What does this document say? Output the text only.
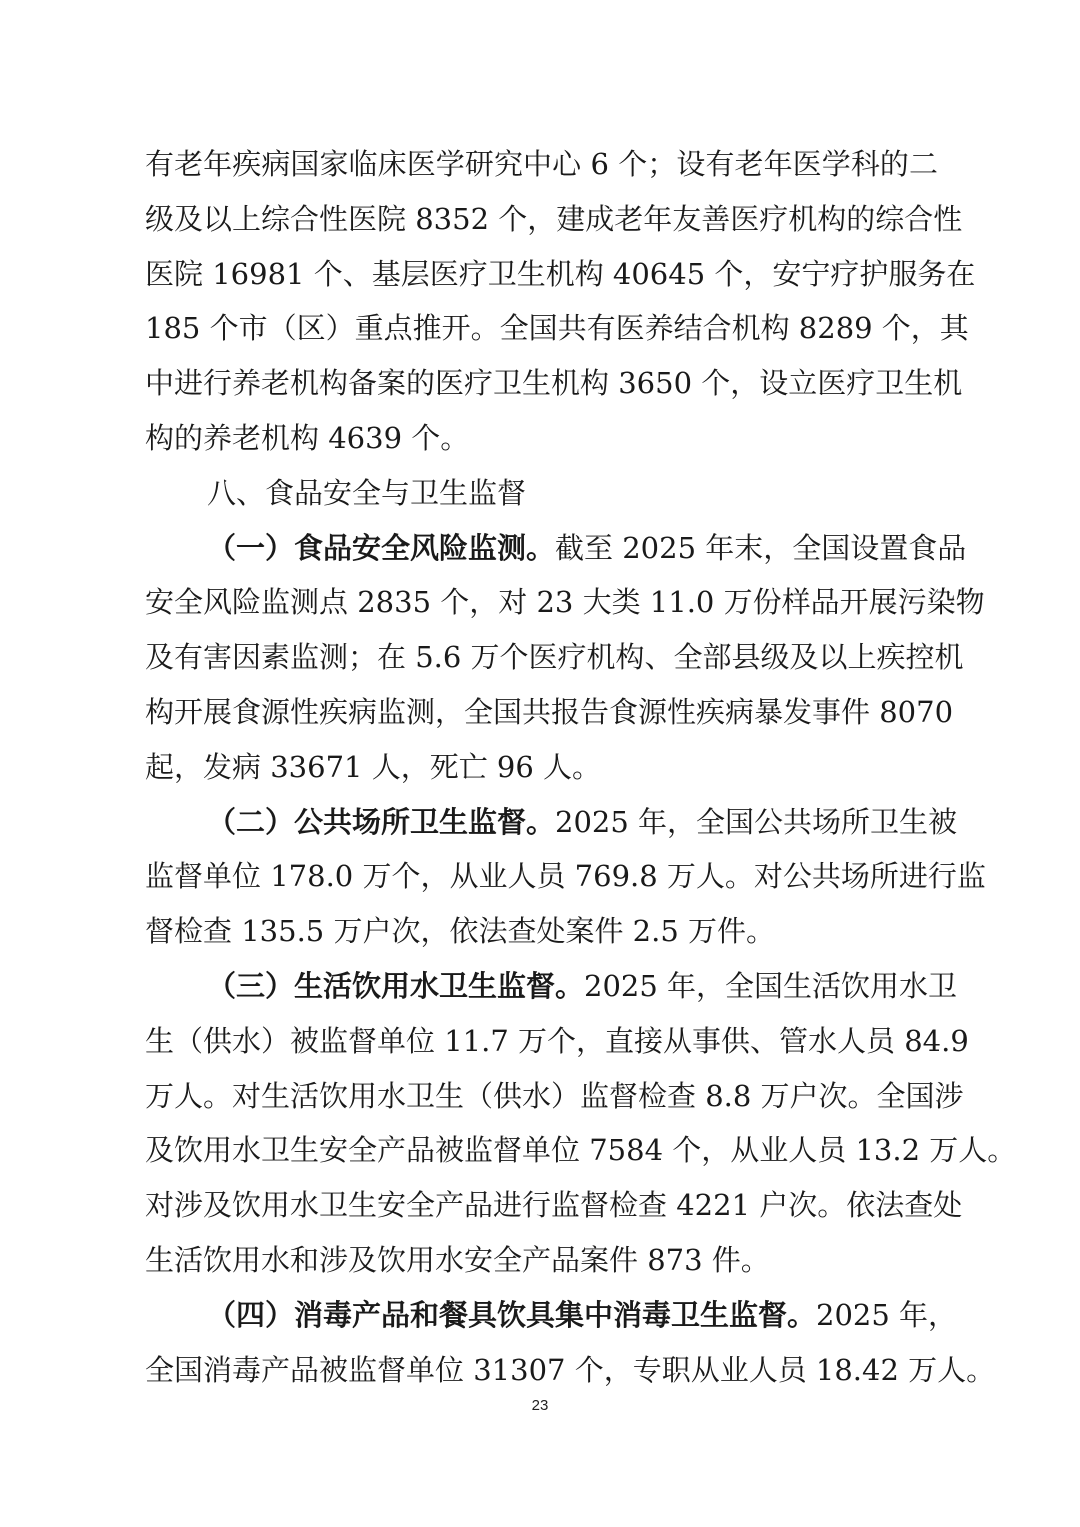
有老年疾病国家临床医学研究中心 6 个；设有老年医学科的二
级及以上综合性医院 8352 个，建成老年友善医疗机构的综合性
医院 16981 个、基层医疗卫生机构 40645 个，安宁疗护服务在
185 个市（区）重点推开。全国共有医养结合机构 8289 个，其
中进行养老机构备案的医疗卫生机构 3650 个，设立医疗卫生机
构的养老机构 4639 个。
八、食品安全与卫生监督
（一）食品安全风险监测。截至 2025 年末，全国设置食品
安全风险监测点 2835 个，对 23 大类 11.0 万份样品开展污染物
及有害因素监测；在 5.6 万个医疗机构、全部县级及以上疾控机
构开展食源性疾病监测，全国共报告食源性疾病暴发事件 8070
起，发病 33671 人，死亡 96 人。
（二）公共场所卫生监督。2025 年，全国公共场所卫生被
监督单位 178.0 万个，从业人员 769.8 万人。对公共场所进行监
督检查 135.5 万户次，依法查处案件 2.5 万件。
（三）生活饮用水卫生监督。2025 年，全国生活饮用水卫
生（供水）被监督单位 11.7 万个，直接从事供、管水人员 84.9
万人。对生活饮用水卫生（供水）监督检查 8.8 万户次。全国涉
及饮用水卫生安全产品被监督单位 7584 个，从业人员 13.2 万人。
对涉及饮用水卫生安全产品进行监督检查 4221 户次。依法查处
生活饮用水和涉及饮用水安全产品案件 873 件。
（四）消毒产品和餐具饮具集中消毒卫生监督。2025 年，
全国消毒产品被监督单位 31307 个，专职从业人员 18.42 万人。
23
